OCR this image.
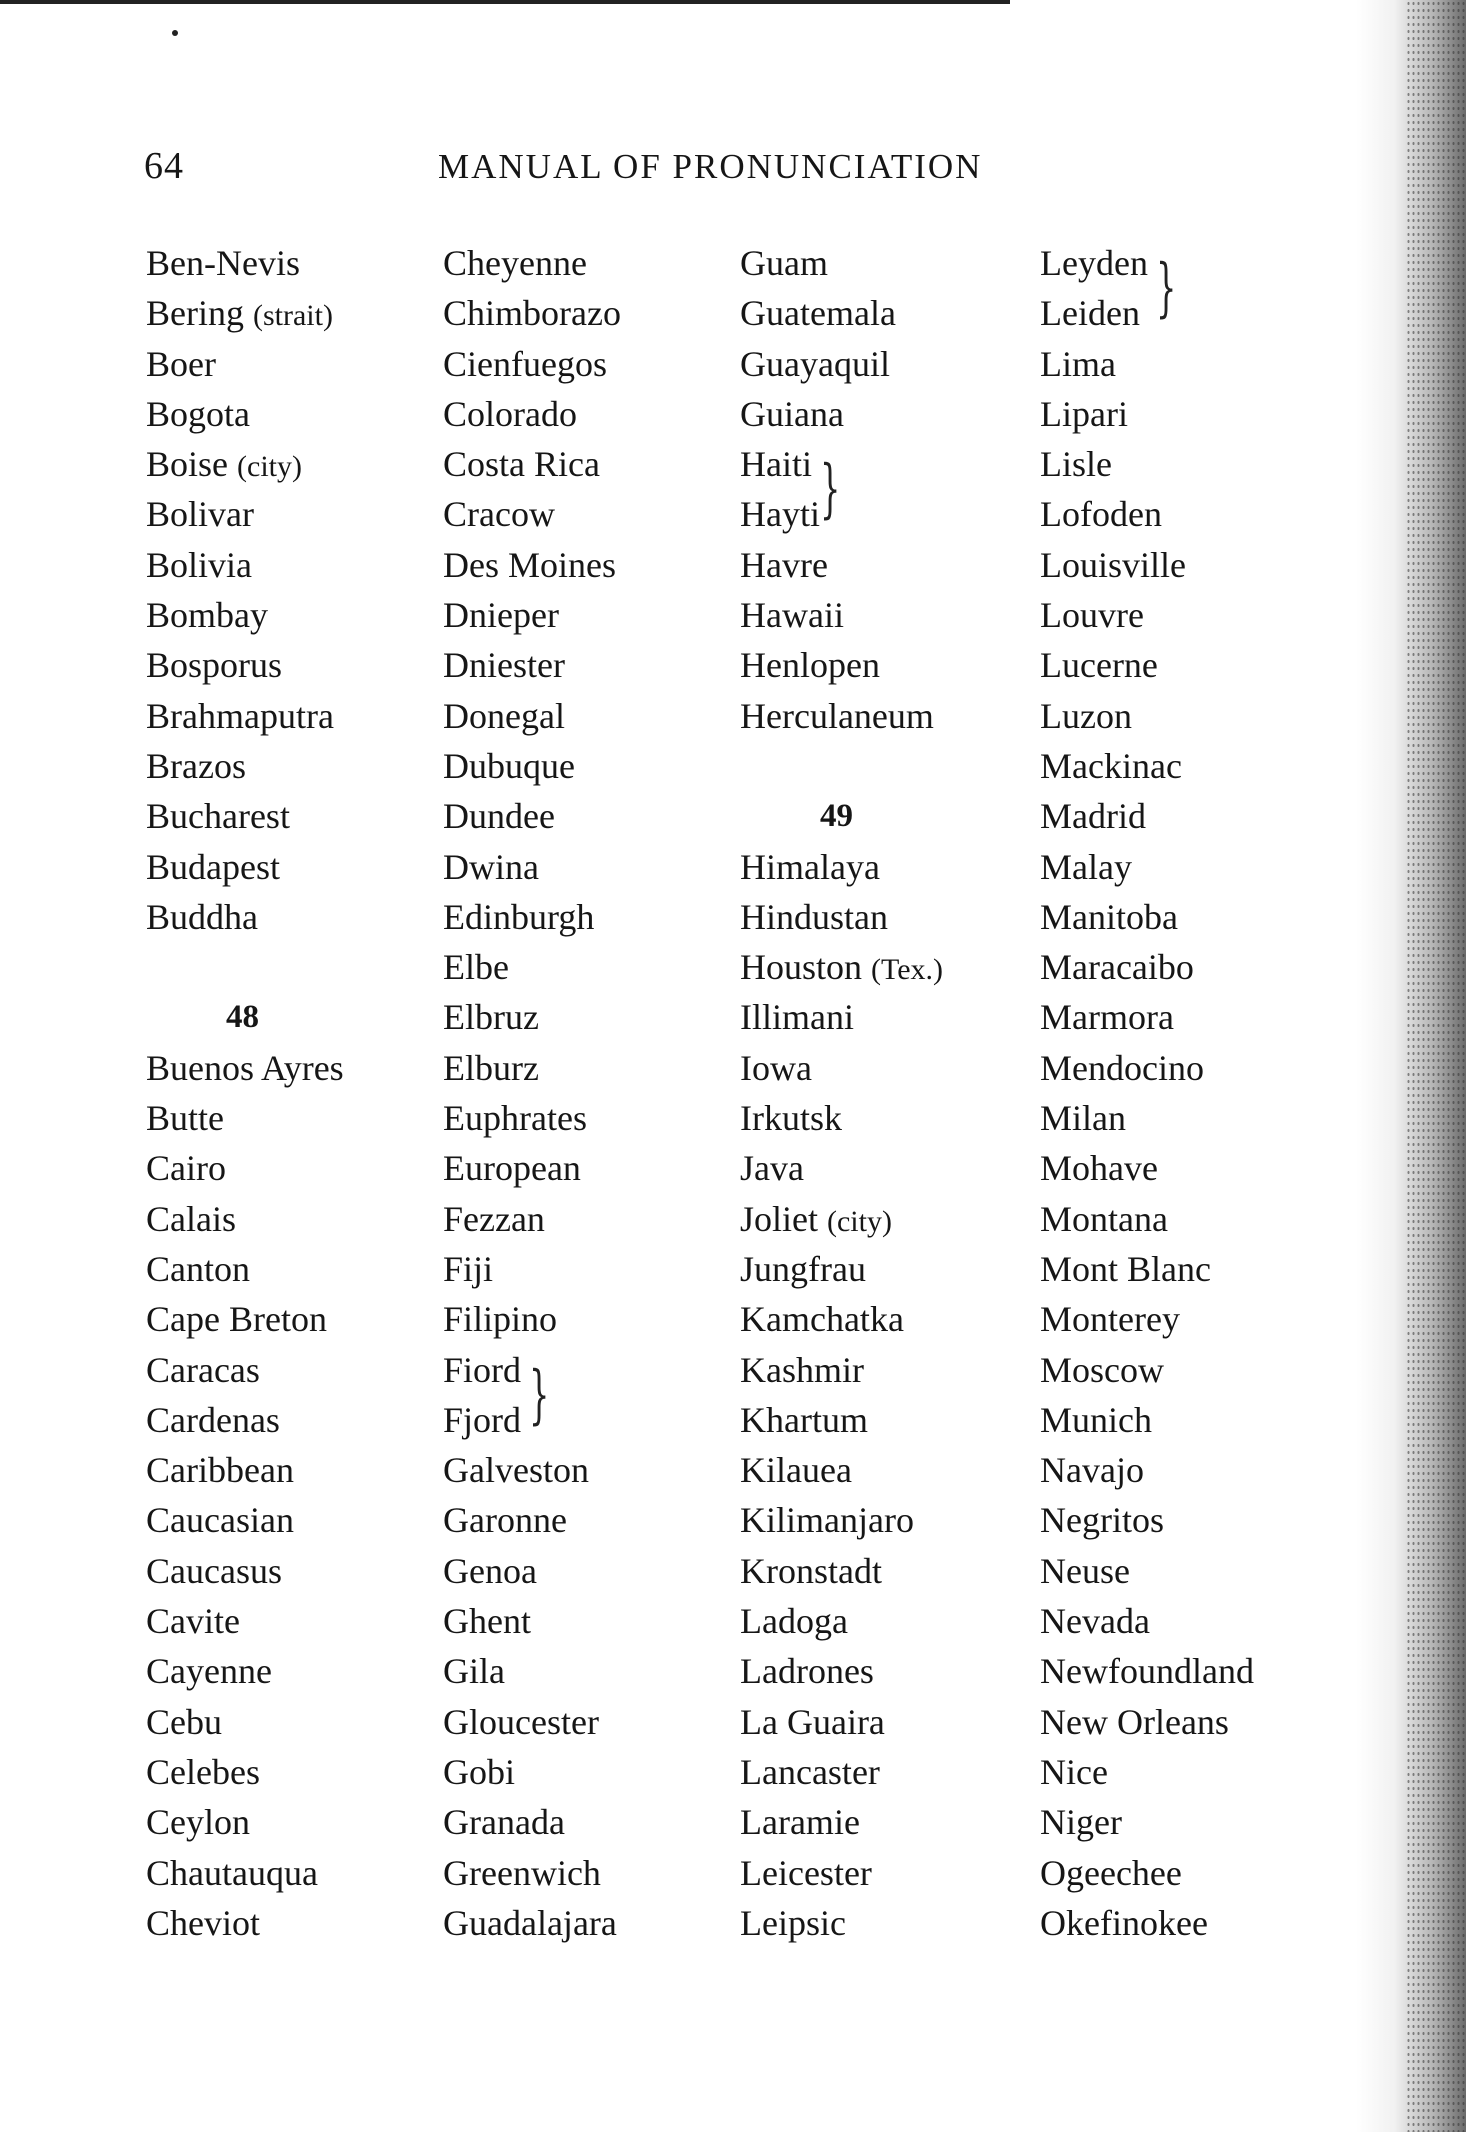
64	MANUAL OF PRONUNCIATION
Ben-Nevis
Bering (strait)
Boer
Bogota
Boise (city)
Bolivar
Bolivia
Bombay
Bosporus
Brahmaputra
Brazos
Bucharest
Budapest
Buddha
48
Buenos Ayres
Butte
Cairo
Calais
Canton
Cape Breton
Caracas
Cardenas
Caribbean
Caucasian
Caucasus
Cavite
Cayenne
Cebu
Celebes
Ceylon
Chautauqua
Cheviot
Cheyenne
Chimborazo
Cienfuegos
Colorado
Costa Rica
Cracow
Des Moines
Dnieper
Dniester
Donegal
Dubuque
Dundee
Dwina
Edinburgh
Elbe
Elbruz
Elburz
Euphrates
European
Fezzan
Fiji
Filipino
Fiord }
Fjord
Galveston
Garonne
Genoa
Ghent
Gila
Gloucester
Gobi
Granada
Greenwich
Guadalajara
Guam
Guatemala
Guayaquil
Guiana
Haiti }
Hayti
Havre
Hawaii
Henlopen
Herculaneum
49
Himalaya
Hindustan
Houston (Tex.)
Illimani
Iowa
Irkutsk
Java
Joliet (city)
Jungfrau
Kamchatka
Kashmir
Khartum
Kilauea
Kilimanjaro
Kronstadt
Ladoga
Ladrones
La Guaira
Lancaster
Laramie
Leicester
Leipsic
Leyden }
Leiden
Lima
Lipari
Lisle
Lofoden
Louisville
Louvre
Lucerne
Luzon
Mackinac
Madrid
Malay
Manitoba
Maracaibo
Marmora
Mendocino
Milan
Mohave
Montana
Mont Blanc
Monterey
Moscow
Munich
Navajo
Negritos
Neuse
Nevada
Newfoundland
New Orleans
Nice
Niger
Ogeechee
Okefinokee
